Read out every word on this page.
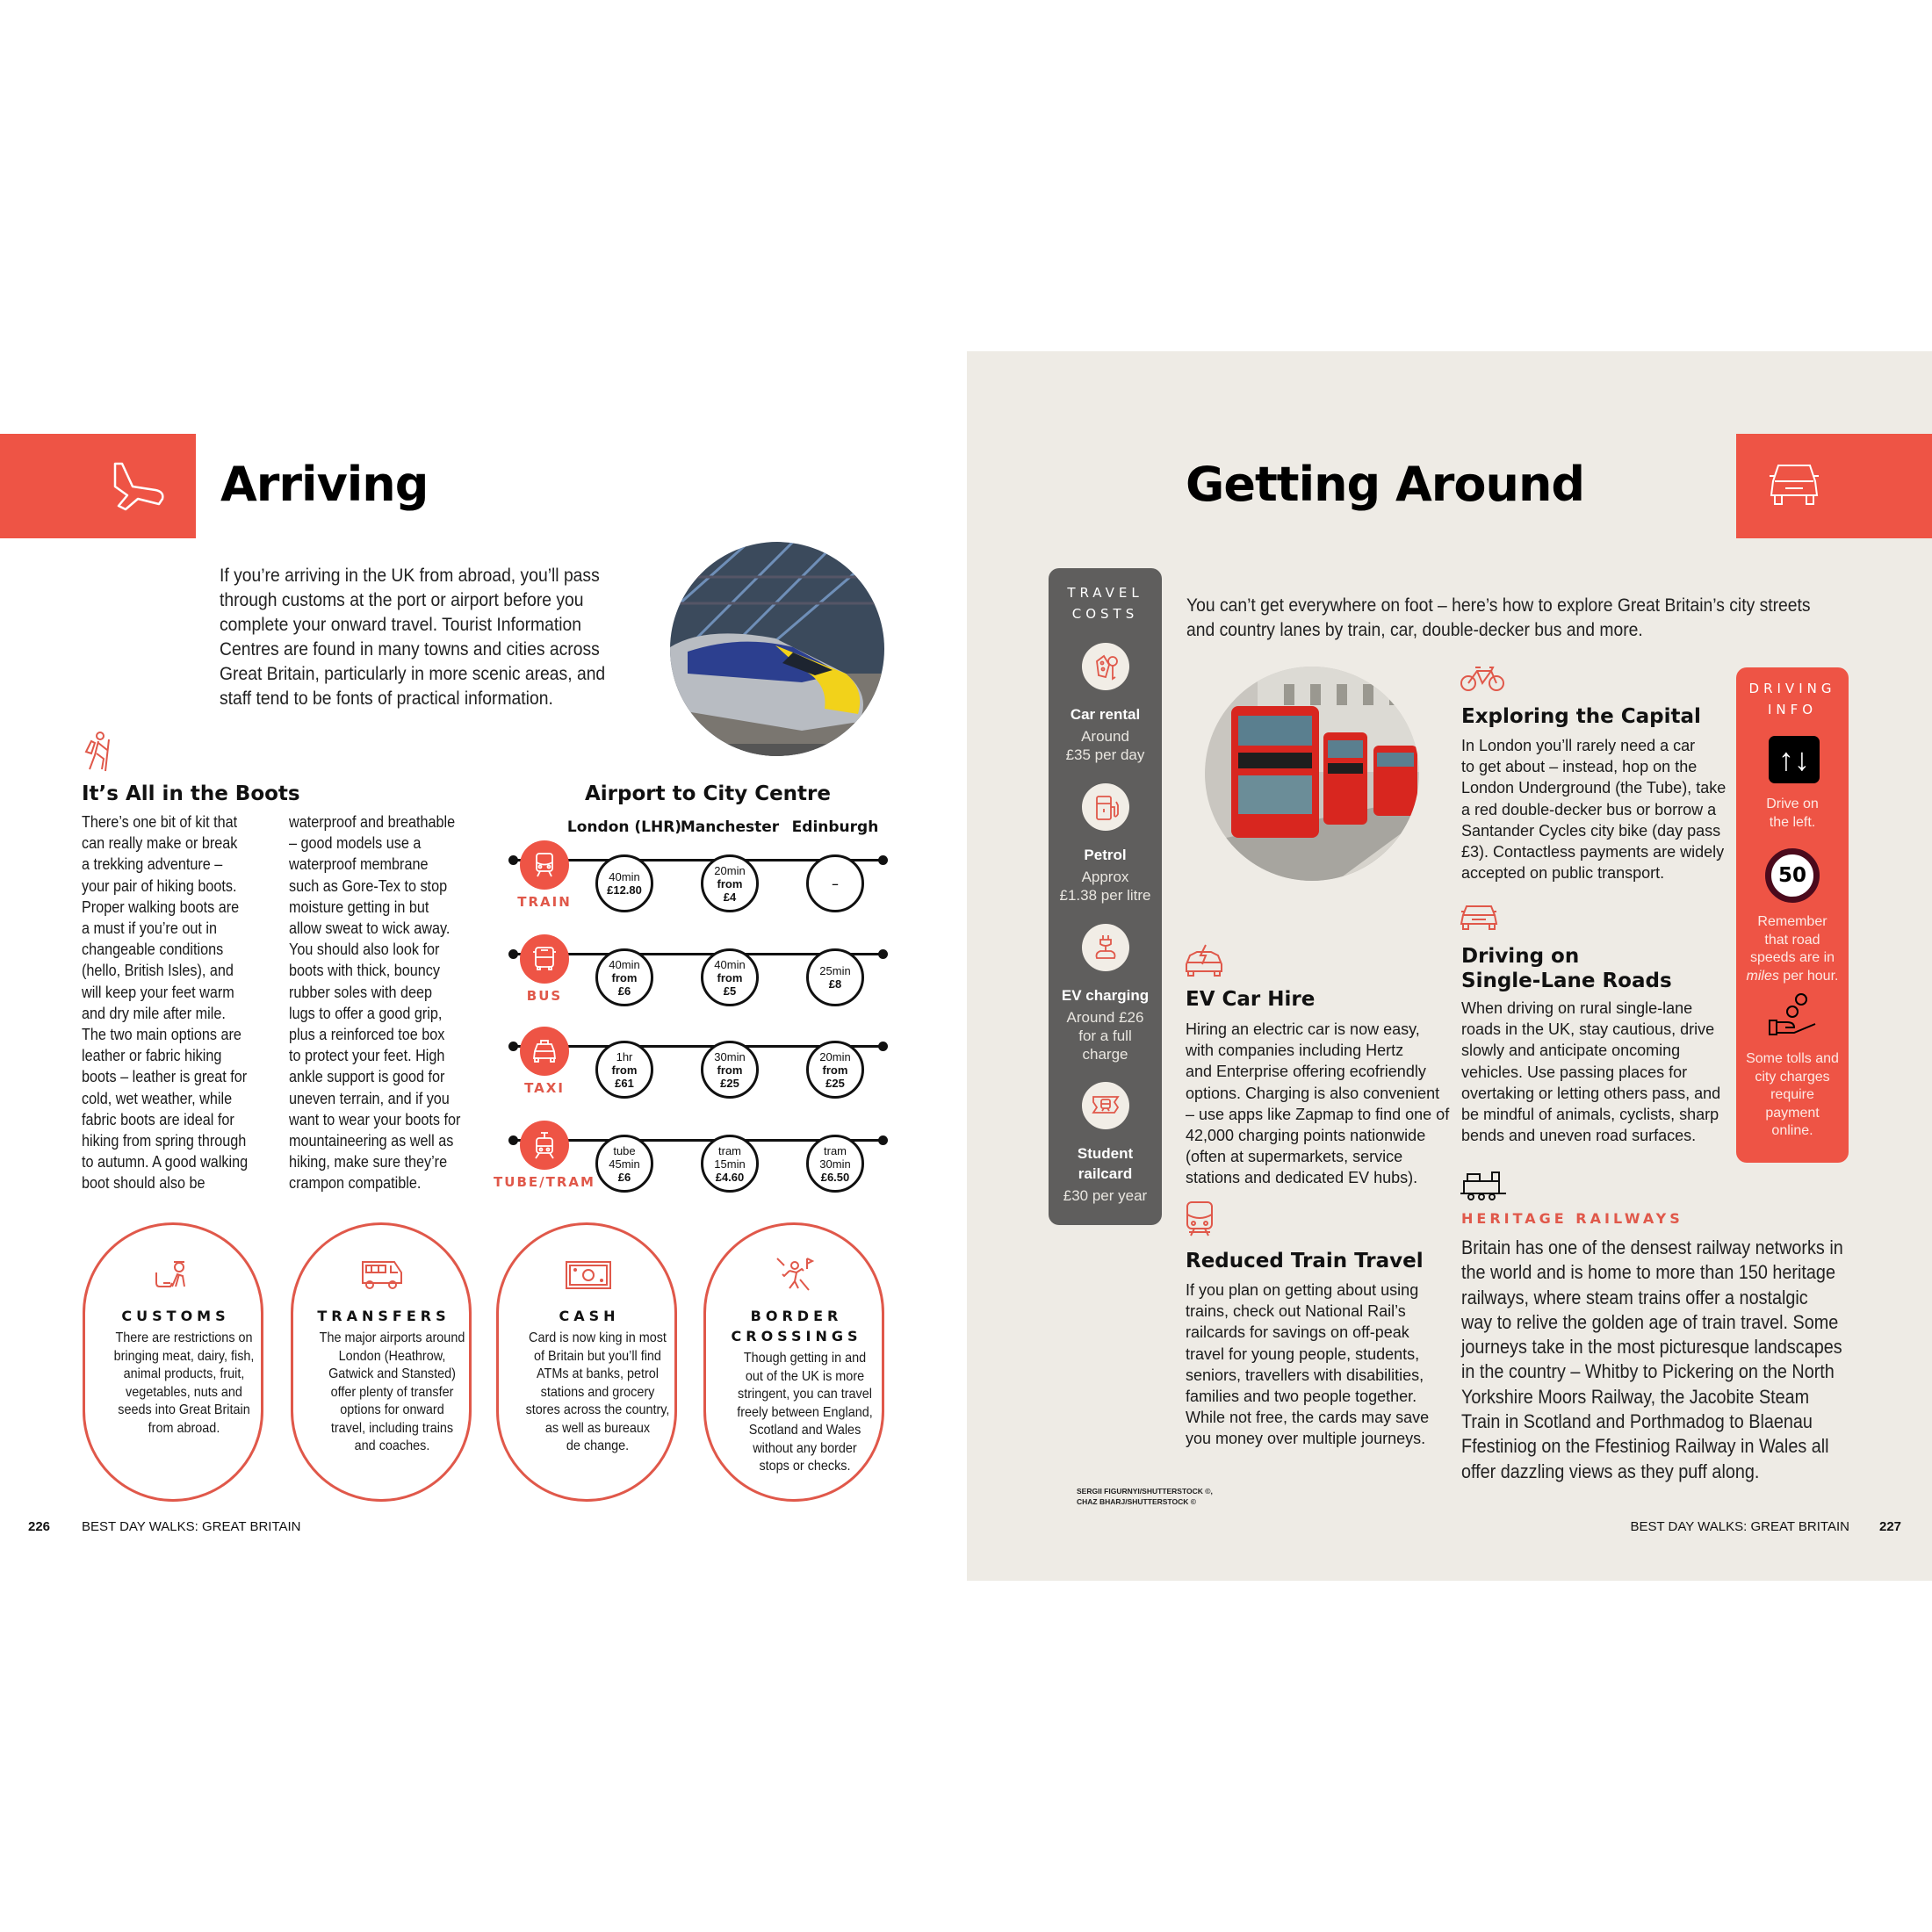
Arriving

If you’re arriving in the UK from abroad, you’ll pass

through customs at the port or airport before you

complete your onward travel. Tourist Information

Centres are found in many towns and cities across

Great Britain, particularly in more scenic areas, and

staff tend to be fonts of practical information.

It’s All in the Boots

There’s one bit of kit that

can really make or break

a trekking adventure –

your pair of hiking boots.

Proper walking boots are

a must if you’re out in

changeable conditions

(hello, British Isles), and

will keep your feet warm

and dry mile after mile.

The two main options are

leather or fabric hiking

boots – leather is great for

cold, wet weather, while

fabric boots are ideal for

hiking from spring through

to autumn. A good walking

boot should also be

waterproof and breathable

– good models use a

waterproof membrane

such as Gore-Tex to stop

moisture getting in but

allow sweat to wick away.

You should also look for

boots with thick, bouncy

rubber soles with deep

lugs to offer a good grip,

plus a reinforced toe box

to protect your feet. High

ankle support is good for

uneven terrain, and if you

want to wear your boots for

mountaineering as well as

hiking, make sure they’re

crampon compatible.

Airport to City Centre
London (LHR)
Manchester Edinburgh
TRAIN
40min
£12.80
20min
from
£4
–
BUS
40min
from
£6
40min
from
£5
25min
£8
TAXI
1hr
from
£61
30min
from
£25
20min
from
£25
TUBE/TRAM
tube
45min
£6
tram
15min
£4.60
tram
30min
£6.50

CUSTOMS

There are restrictions on

bringing meat, dairy, fish,

animal products, fruit,

vegetables, nuts and

seeds into Great Britain

from abroad.

TRANSFERS

The major airports around

London (Heathrow,

Gatwick and Stansted)

offer plenty of transfer

options for onward

travel, including trains

and coaches.

CASH

Card is now king in most

of Britain but you’ll find

ATMs at banks, petrol

stations and grocery

stores across the country,

as well as bureaux

de change.

BORDER

CROSSINGS

Though getting in and

out of the UK is more

stringent, you can travel

freely between England,

Scotland and Wales

without any border

stops or checks.

226 BEST DAY WALKS: GREAT BRITAIN
Getting Around

You can’t get everywhere on foot – here’s how to explore Great Britain’s city streets

and country lanes by train, car, double-decker bus and more.

TRAVEL

COSTS

Car rental

Around

£35 per day

Petrol

Approx

£1.38 per litre

EV charging

Around £26

for a full

charge

Student

railcard

£30 per year

Exploring the Capital

In London you’ll rarely need a car

to get about – instead, hop on the

London Underground (the Tube), take

a red double-decker bus or borrow a

Santander Cycles city bike (day pass

£3). Contactless payments are widely

accepted on public transport.

Driving on

Single-Lane Roads

When driving on rural single-lane

roads in the UK, stay cautious, drive

slowly and anticipate oncoming

vehicles. Use passing places for

overtaking or letting others pass, and

be mindful of animals, cyclists, sharp

bends and uneven road surfaces.

DRIVING

INFO

↑↓

Drive on

the left.

50

Remember

that road

speeds are in

miles per hour.

Some tolls and

city charges

require

payment

online.

EV Car Hire

Hiring an electric car is now easy,

with companies including Hertz

and Enterprise offering ecofriendly

options. Charging is also convenient

– use apps like Zapmap to find one of

42,000 charging points nationwide

(often at supermarkets, service

stations and dedicated EV hubs).

Reduced Train Travel

If you plan on getting about using

trains, check out National Rail’s

railcards for savings on off-peak

travel for young people, students,

seniors, travellers with disabilities,

families and two people together.

While not free, the cards may save

you money over multiple journeys.

SERGII FIGURNYI/SHUTTERSTOCK ©,

CHAZ BHARJ/SHUTTERSTOCK ©

HERITAGE RAILWAYS

Britain has one of the densest railway networks in

the world and is home to more than 150 heritage

railways, where steam trains offer a nostalgic

way to relive the golden age of train travel. Some

journeys take in the most picturesque landscapes

in the country – Whitby to Pickering on the North

Yorkshire Moors Railway, the Jacobite Steam

Train in Scotland and Porthmadog to Blaenau

Ffestiniog on the Ffestiniog Railway in Wales all

offer dazzling views as they puff along.

BEST DAY WALKS: GREAT BRITAIN 227
